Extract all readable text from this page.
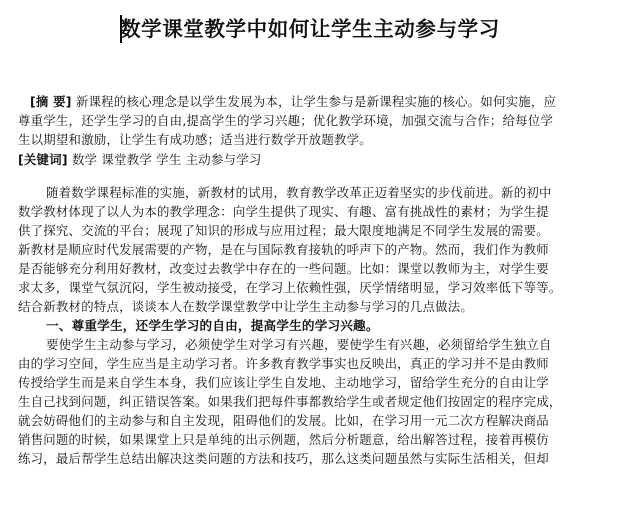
数学课堂教学中如何让学生主动参与学习
[摘 要] 新课程的核心理念是以学生发展为本，让学生参与是新课程实施的核心。如何实施，应
尊重学生，还学生学习的自由,提高学生的学习兴趣；优化教学环境，加强交流与合作；给每位学
生以期望和激励，让学生有成功感；适当进行数学开放题教学。
[关键词] 数学 课堂教学 学生 主动参与学习
随着数学课程标准的实施，新教材的试用，教育教学改革正迈着坚实的步伐前进。新的初中
数学教材体现了以人为本的教学理念：向学生提供了现实、有趣、富有挑战性的素材；为学生提
供了探究、交流的平台；展现了知识的形成与应用过程；最大限度地满足不同学生发展的需要。
新教材是顺应时代发展需要的产物，是在与国际教育接轨的呼声下的产物。然而，我们作为教师
是否能够充分利用好教材，改变过去教学中存在的一些问题。比如：课堂以教师为主，对学生要
求太多，课堂气氛沉闷，学生被动接受，在学习上依赖性强，厌学情绪明显，学习效率低下等等。
结合新教材的特点，谈谈本人在数学课堂教学中让学生主动参与学习的几点做法。
一、尊重学生，还学生学习的自由，提高学生的学习兴趣。
要使学生主动参与学习，必须使学生对学习有兴趣，要使学生有兴趣，必须留给学生独立自
由的学习空间，学生应当是主动学习者。许多教育教学事实也反映出，真正的学习并不是由教师
传授给学生而是来自学生本身，我们应该让学生自发地、主动地学习，留给学生充分的自由让学
生自己找到问题，纠正错误答案。如果我们把每件事都教给学生或者规定他们按固定的程序完成，
就会妨碍他们的主动参与和自主发现，阻碍他们的发展。比如，在学习用一元二次方程解决商品
销售问题的时候，如果课堂上只是单纯的出示例题，然后分析题意，给出解答过程，接着再模仿
练习，最后帮学生总结出解决这类问题的方法和技巧，那么这类问题虽然与实际生活相关，但却
